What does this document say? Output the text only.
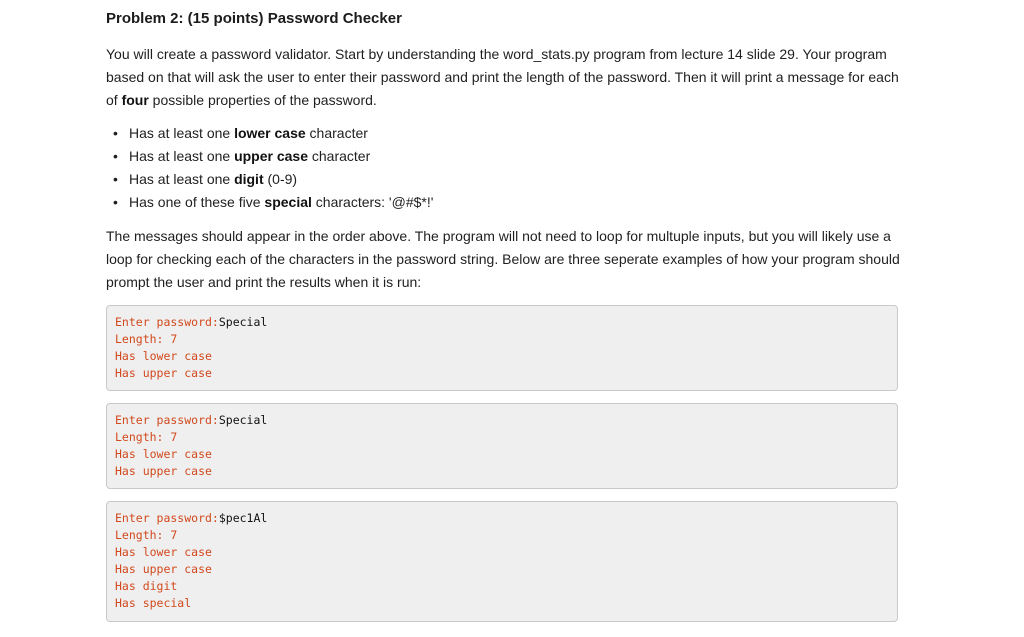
Problem 2: (15 points) Password Checker

You will create a password validator. Start by understanding the word_stats.py program from lecture 14 slide 29. Your program based on that will ask the user to enter their password and print the length of the password. Then it will print a message for each of four possible properties of the password.

• Has at least one lower case character
• Has at least one upper case character
• Has at least one digit (0-9)
• Has one of these five special characters: '@#$*!'

The messages should appear in the order above. The program will not need to loop for multuple inputs, but you will likely use a loop for checking each of the characters in the password string. Below are three seperate examples of how your program should prompt the user and print the results when it is run:

Enter password:Special
Length: 7
Has lower case
Has upper case
Enter password:Special
Length: 7
Has lower case
Has upper case
Enter password:$pec1Al
Length: 7
Has lower case
Has upper case
Has digit
Has special
